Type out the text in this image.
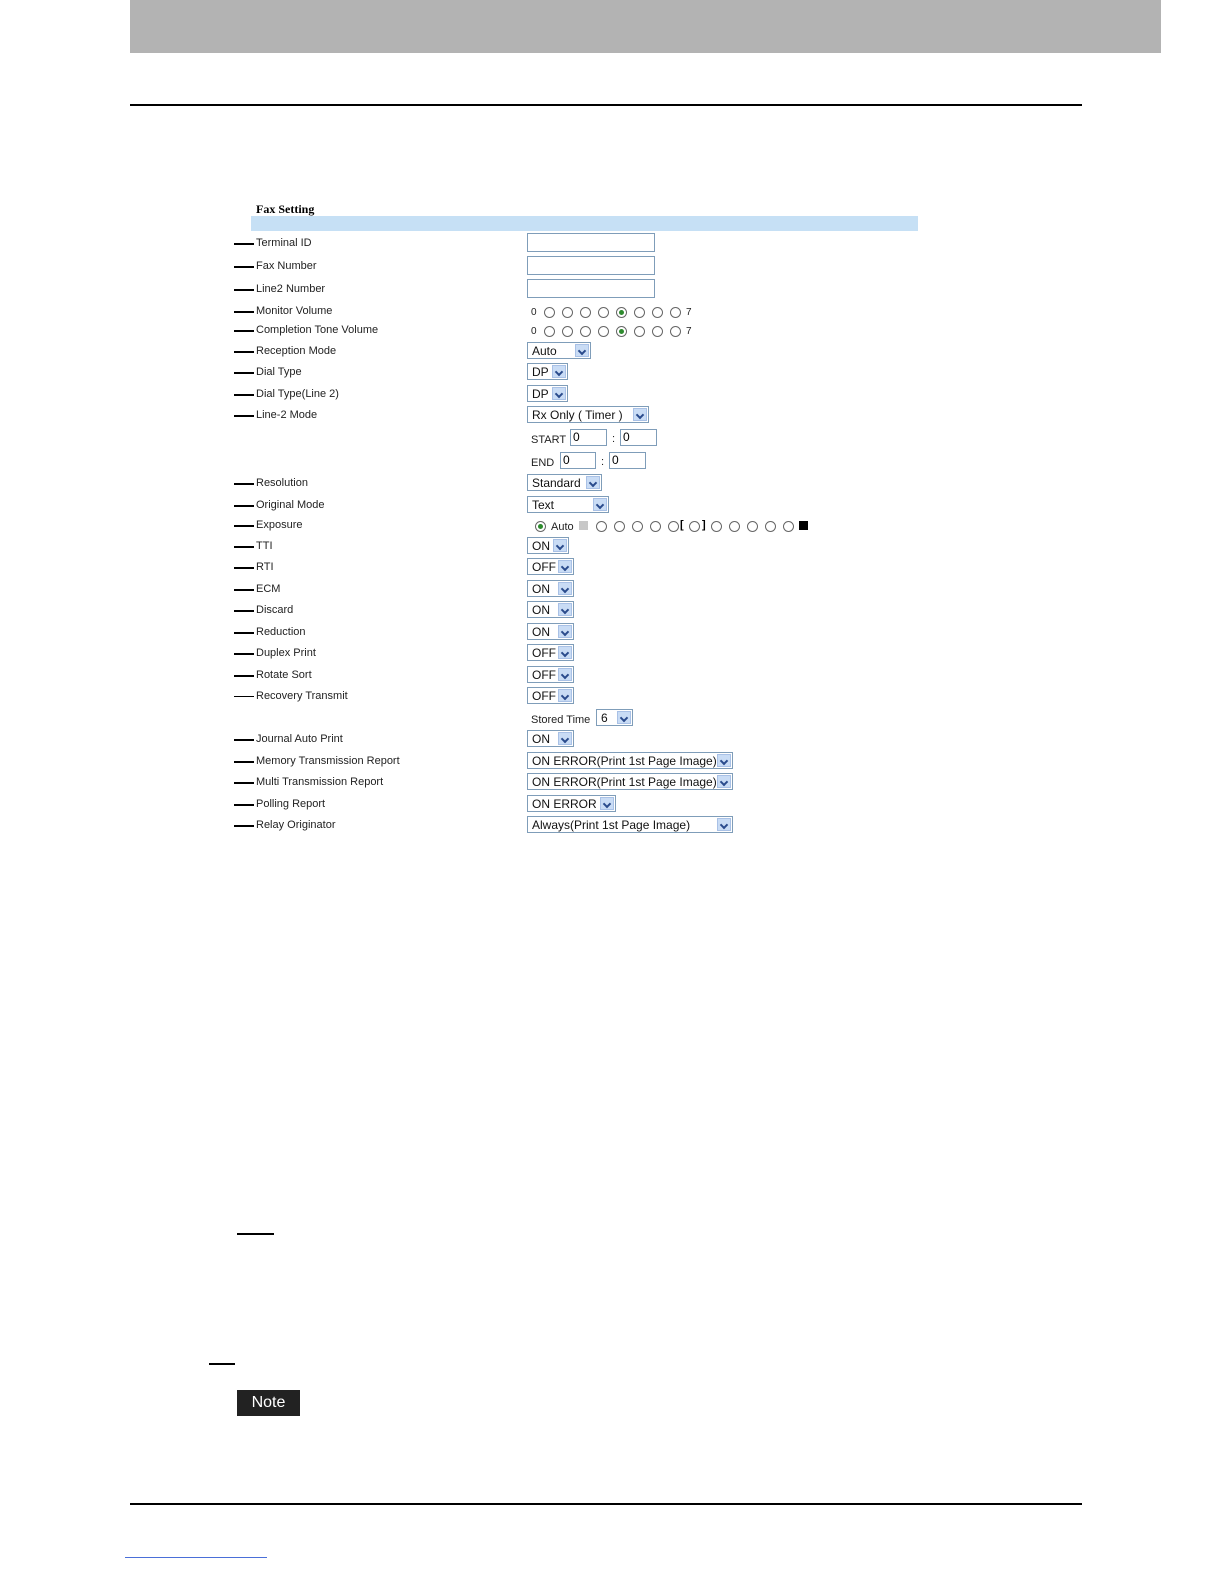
Fax Setting
Terminal ID
Fax Number
Line2 Number
Monitor Volume	0	7
Completion Tone Volume	0	7
Reception Mode	Auto
Dial Type	DP
Dial Type(Line 2)	DP
Line-2 Mode	Rx Only ( Timer )
START 0	: 0
END 0	: 0
Resolution	Standard
Original Mode	Text
Exposure	Auto	[ ]
TTI	ON
RTI	OFF
ECM	ON
Discard	ON
Reduction	ON
Duplex Print	OFF
Rotate Sort	OFF
Recovery Transmit	OFF
Stored Time 6
Journal Auto Print	ON
Memory Transmission Report	ON ERROR(Print 1st Page Image)
Multi Transmission Report	ON ERROR(Print 1st Page Image)
Polling Report	ON ERROR
Relay Originator	Always(Print 1st Page Image)
Note
